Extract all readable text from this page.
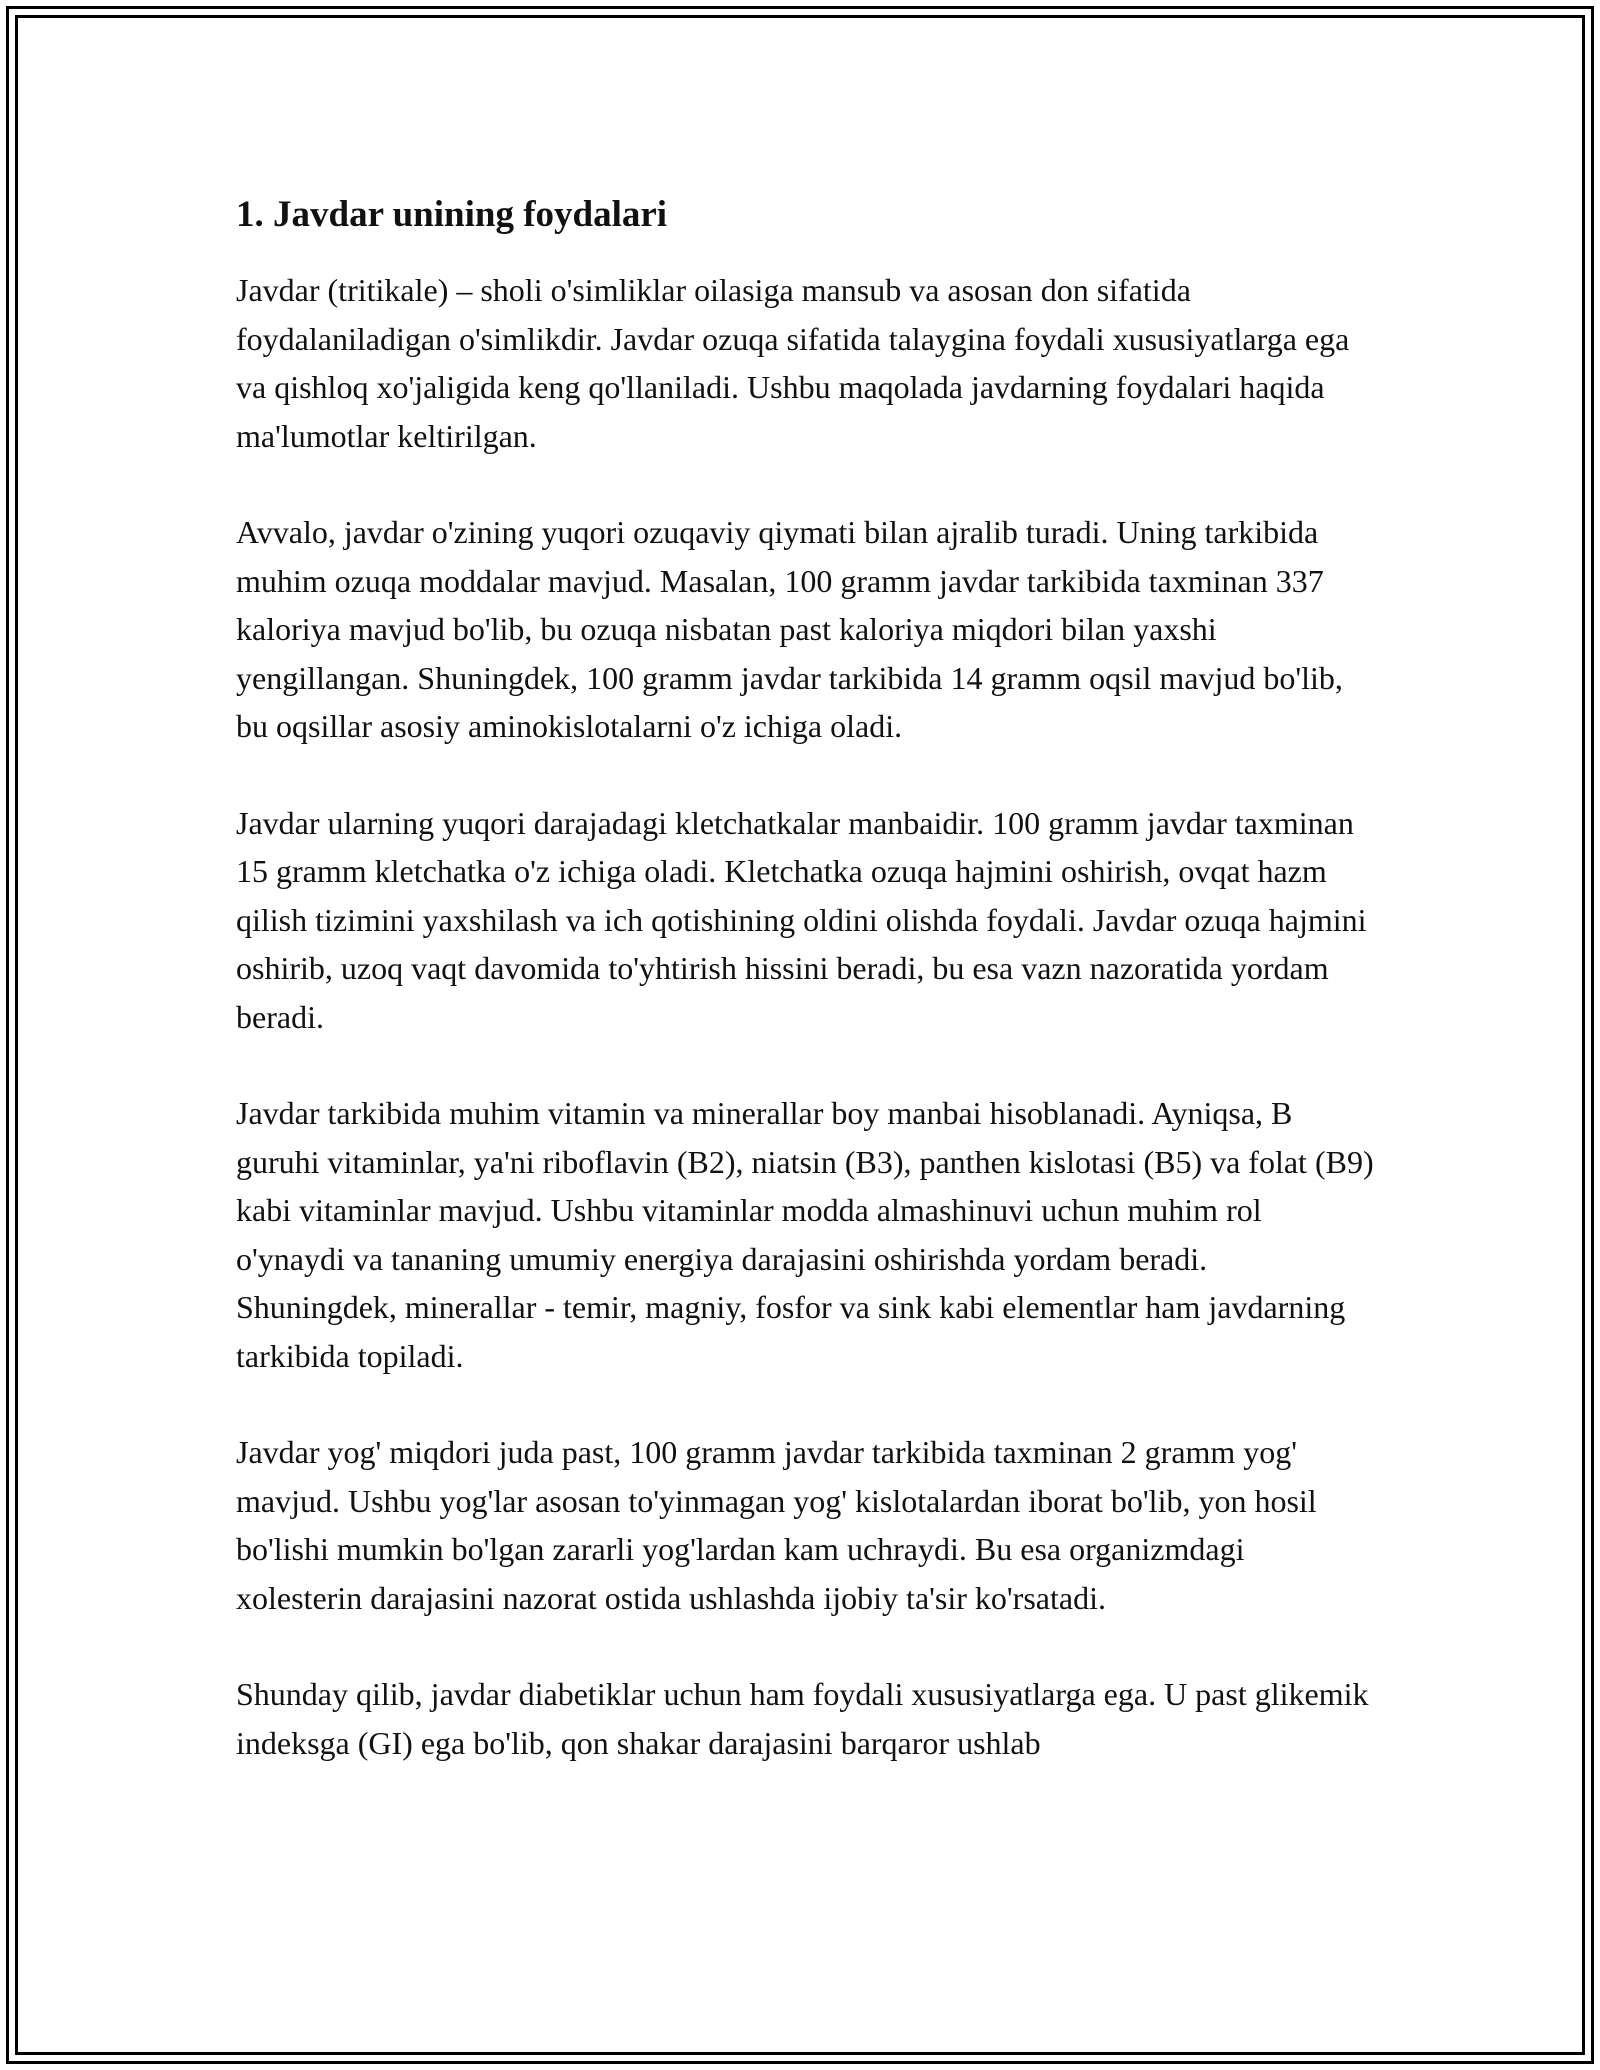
1. Javdar unining foydalari

Javdar (tritikale) – sholi o'simliklar oilasiga mansub va asosan don sifatida foydalaniladigan o'simlikdir. Javdar ozuqa sifatida talaygina foydali xususiyatlarga ega va qishloq xo'jaligida keng qo'llaniladi. Ushbu maqolada javdarning foydalari haqida ma'lumotlar keltirilgan.

Avvalo, javdar o'zining yuqori ozuqaviy qiymati bilan ajralib turadi. Uning tarkibida muhim ozuqa moddalar mavjud. Masalan, 100 gramm javdar tarkibida taxminan 337 kaloriya mavjud bo'lib, bu ozuqa nisbatan past kaloriya miqdori bilan yaxshi yengillangan. Shuningdek, 100 gramm javdar tarkibida 14 gramm oqsil mavjud bo'lib, bu oqsillar asosiy aminokislotalarni o'z ichiga oladi.

Javdar ularning yuqori darajadagi kletchatkalar manbaidir. 100 gramm javdar taxminan 15 gramm kletchatka o'z ichiga oladi. Kletchatka ozuqa hajmini oshirish, ovqat hazm qilish tizimini yaxshilash va ich qotishining oldini olishda foydali. Javdar ozuqa hajmini oshirib, uzoq vaqt davomida to'yhtirish hissini beradi, bu esa vazn nazoratida yordam beradi.

Javdar tarkibida muhim vitamin va minerallar boy manbai hisoblanadi. Ayniqsa, B guruhi vitaminlar, ya'ni riboflavin (B2), niatsin (B3), panthen kislotasi (B5) va folat (B9) kabi vitaminlar mavjud. Ushbu vitaminlar modda almashinuvi uchun muhim rol o'ynaydi va tananing umumiy energiya darajasini oshirishda yordam beradi. Shuningdek, minerallar - temir, magniy, fosfor va sink kabi elementlar ham javdarning tarkibida topiladi.

Javdar yog' miqdori juda past, 100 gramm javdar tarkibida taxminan 2 gramm yog' mavjud. Ushbu yog'lar asosan to'yinmagan yog' kislotalardan iborat bo'lib, yon hosil bo'lishi mumkin bo'lgan zararli yog'lardan kam uchraydi. Bu esa organizmdagi xolesterin darajasini nazorat ostida ushlashda ijobiy ta'sir ko'rsatadi.

Shunday qilib, javdar diabetiklar uchun ham foydali xususiyatlarga ega. U past glikemik indeksga (GI) ega bo'lib, qon shakar darajasini barqaror ushlab
